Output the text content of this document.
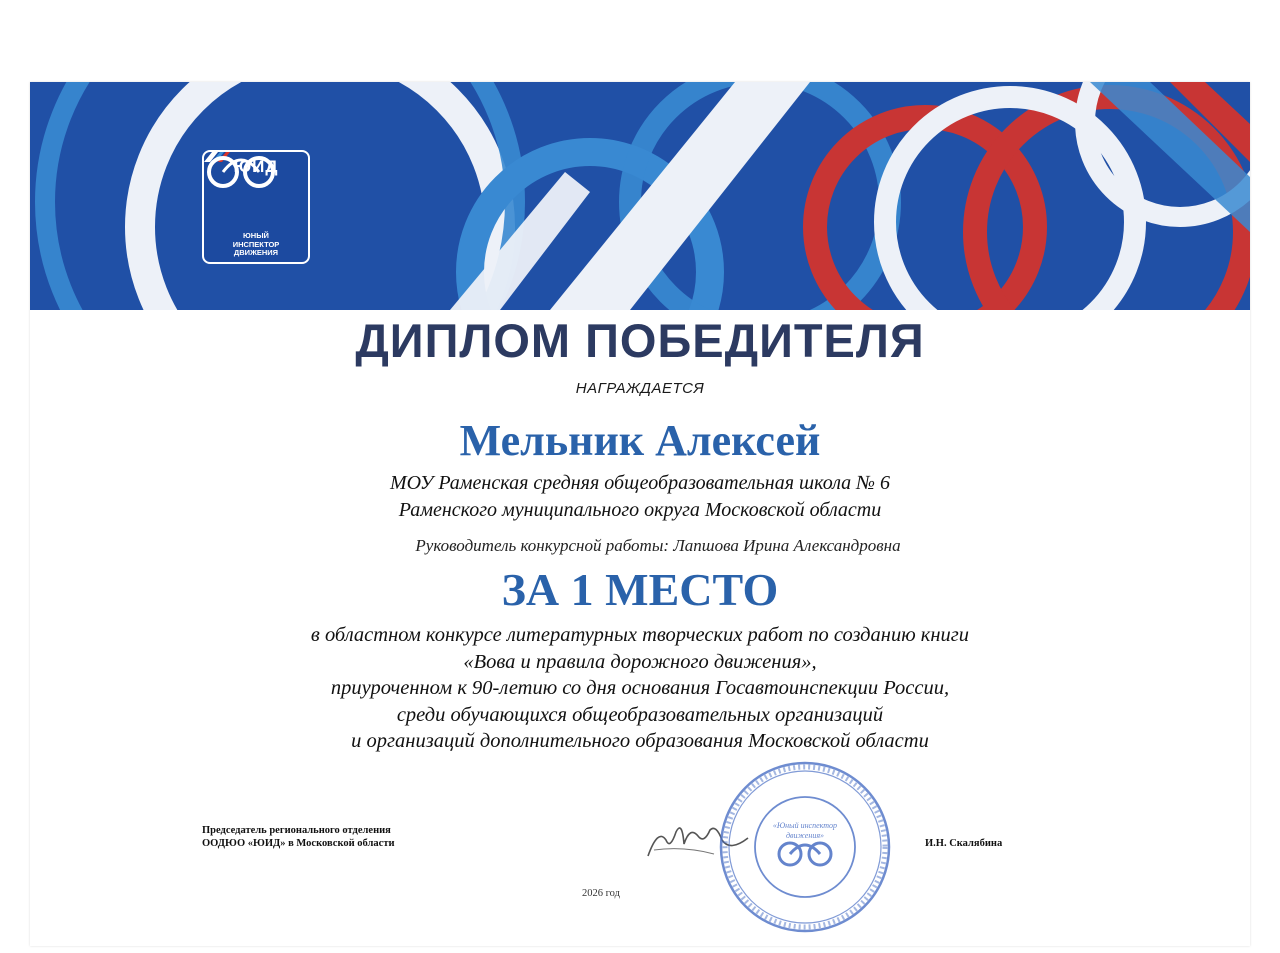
ЮИД
ЮНЫЙ
ИНСПЕКТОР
ДВИЖЕНИЯ
ДИПЛОМ ПОБЕДИТЕЛЯ
НАГРАЖДАЕТСЯ
Мельник Алексей
МОУ Раменская средняя общеобразовательная школа № 6
Раменского муниципального округа Московской области
Руководитель конкурсной работы: Лапшова Ирина Александровна
ЗА 1 МЕСТО
в областном конкурсе литературных творческих работ по созданию книги
«Вова и правила дорожного движения»,
приуроченном к 90-летию со дня основания Госавтоинспекции России,
среди обучающихся общеобразовательных организаций
и организаций дополнительного образования Московской области
Председатель регионального отделения
ООДЮО «ЮИД» в Московской области
«Юный инспектор
движения»
И.Н. Скалябина
2026 год
